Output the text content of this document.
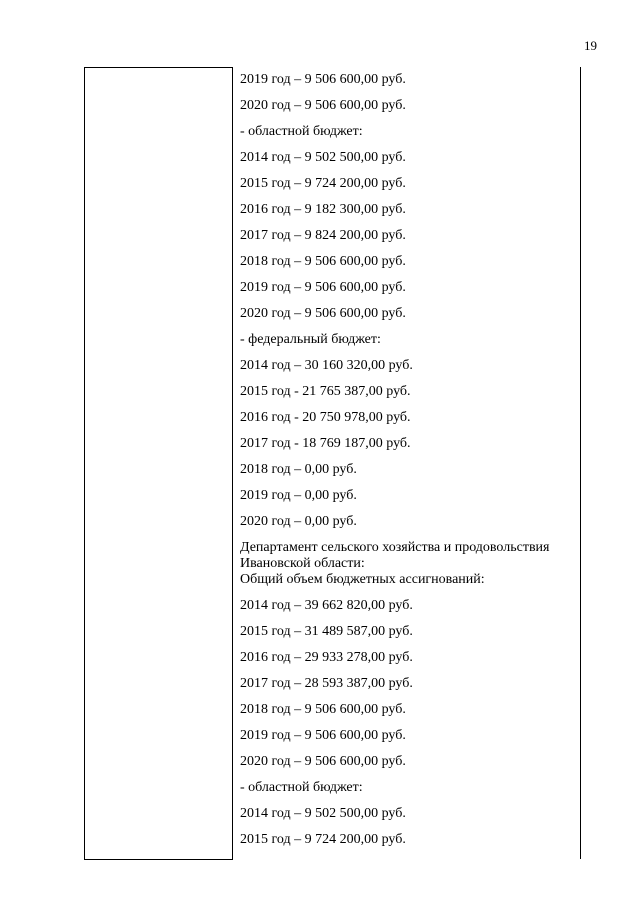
19
2019 год – 9 506 600,00 руб.
2020 год – 9 506 600,00 руб.
- областной бюджет:
2014 год – 9 502 500,00 руб.
2015 год – 9 724 200,00 руб.
2016 год – 9 182 300,00 руб.
2017 год – 9 824 200,00 руб.
2018 год – 9 506 600,00 руб.
2019 год – 9 506 600,00 руб.
2020 год – 9 506 600,00 руб.
- федеральный бюджет:
2014 год – 30 160 320,00 руб.
2015 год - 21 765 387,00 руб.
2016 год - 20 750 978,00 руб.
2017 год - 18 769 187,00 руб.
2018 год – 0,00 руб.
2019 год – 0,00 руб.
2020 год – 0,00 руб.
Департамент сельского хозяйства и продовольствия
Ивановской области:
Общий объем бюджетных ассигнований:
2014 год – 39 662 820,00 руб.
2015 год – 31 489 587,00 руб.
2016 год – 29 933 278,00 руб.
2017 год – 28 593 387,00 руб.
2018 год – 9 506 600,00 руб.
2019 год – 9 506 600,00 руб.
2020 год – 9 506 600,00 руб.
- областной бюджет:
2014 год – 9 502 500,00 руб.
2015 год – 9 724 200,00 руб.
